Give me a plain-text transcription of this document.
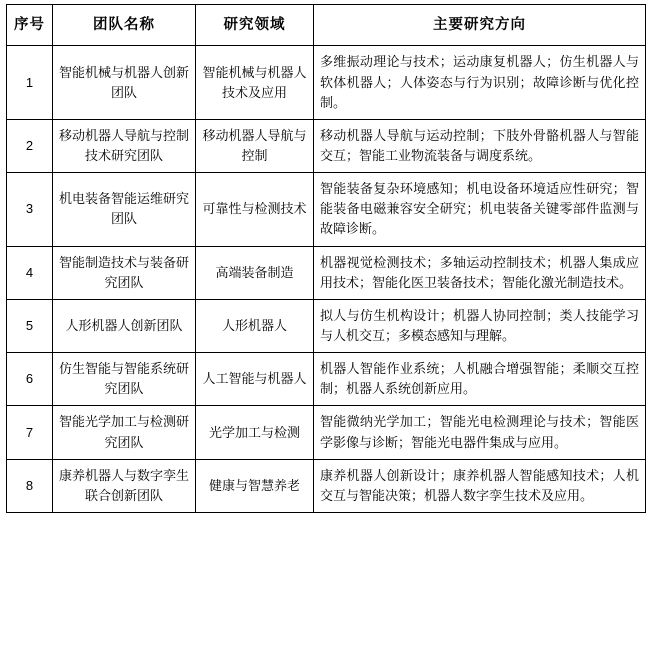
序号	团队名称	研究领域	主要研究方向
1	智能机械与机器人创新团队	智能机械与机器人技术及应用	多维振动理论与技术；运动康复机器人；仿生机器人与软体机器人；人体姿态与行为识别；故障诊断与优化控制。
2	移动机器人导航与控制技术研究团队	移动机器人导航与控制	移动机器人导航与运动控制；下肢外骨骼机器人与智能交互；智能工业物流装备与调度系统。
3	机电装备智能运维研究团队	可靠性与检测技术	智能装备复杂环境感知；机电设备环境适应性研究；智能装备电磁兼容安全研究；机电装备关键零部件监测与故障诊断。
4	智能制造技术与装备研究团队	高端装备制造	机器视觉检测技术；多轴运动控制技术；机器人集成应用技术；智能化医卫装备技术；智能化激光制造技术。
5	人形机器人创新团队	人形机器人	拟人与仿生机构设计；机器人协同控制；类人技能学习与人机交互；多模态感知与理解。
6	仿生智能与智能系统研究团队	人工智能与机器人	机器人智能作业系统；人机融合增强智能；柔顺交互控制；机器人系统创新应用。
7	智能光学加工与检测研究团队	光学加工与检测	智能微纳光学加工；智能光电检测理论与技术；智能医学影像与诊断；智能光电器件集成与应用。
8	康养机器人与数字孪生联合创新团队	健康与智慧养老	康养机器人创新设计；康养机器人智能感知技术；人机交互与智能决策；机器人数字孪生技术及应用。
